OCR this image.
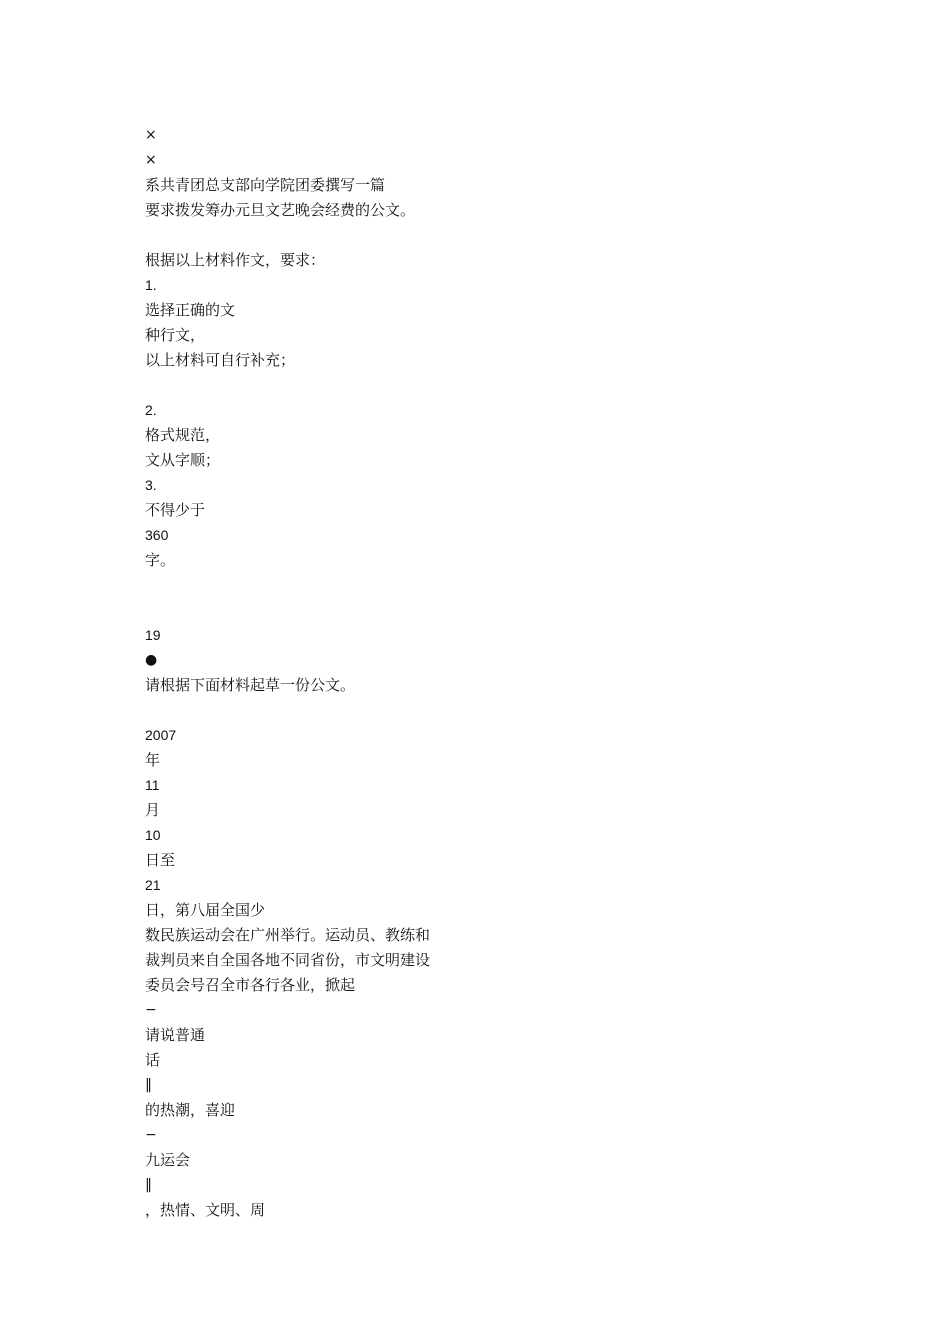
×
×
系共青团总支部向学院团委撰写一篇
要求拨发筹办元旦文艺晚会经费的公文。
根据以上材料作文，要求：
1.
选择正确的文
种行文，
以上材料可自行补充；
2.
格式规范，
文从字顺；
3.
不得少于
360
字。
19
●
请根据下面材料起草一份公文。
2007
年
11
月
10
日至
21
日，第八届全国少
数民族运动会在广州举行。运动员、教练和
裁判员来自全国各地不同省份，市文明建设
委员会号召全市各行各业，掀起
−
请说普通
话
‖
的热潮，喜迎
−
九运会
‖
，热情、文明、周
